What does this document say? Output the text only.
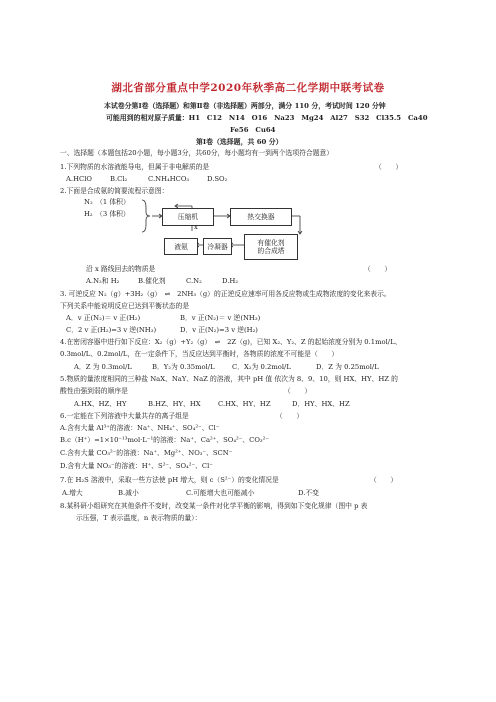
湖北省部分重点中学2020年秋季高二化学期中联考试卷
本试卷分第Ⅰ卷（选择题）和第Ⅱ卷（非选择题）两部分，满分 110 分，考试时间 120 分钟
可能用到的相对原子质量：H1　C12　N14　O16　Na23　Mg24　Al27　S32　Cl35.5　Ca40
Fe56　Cu64
第Ⅰ卷（选择题，共 60 分）
一、选择题（本题包括20小题，每小题3分，共60分，每小题均有一到两个选项符合题意）
1.下列物质的水溶液能导电，但属于非电解质的是	（　　）
A.HClO	B.Cl₂	C.NH₄HCO₃	D.SO₂
2.下面是合成氨的简要流程示意图：
N₂　（1 体积）
H₂　（3 体积）	压缩机	热交换器
液氨	冷凝器	有催化剂
的合成塔
x
沿 x 路线回去的物质是	（　　）
A.N₂和 H₂	B.催化剂	C.N₂	D.H₂
3. 可逆反应 N₂（g）+3H₂（g）　⇌　2NH₃（g）的正逆反应速率可用各反应物或生成物浓度的变化来表示。
下列关系中能说明反应已达到平衡状态的是
A．v 正(N₂)＝ v 正(H₂)	B．v 正(N₂)＝ v 逆(NH₃)
C．2 v 正(H₂)=3 v 逆(NH₃)	D．v 正(N₂)=3 v 逆(H₂)
4.在密闭容器中进行如下反应：X₂（g）+Y₂（g）　⇌　2Z（g)，已知 X₂、Y₂、Z 的起始浓度分别为 0.1mol/L、
0.3mol/L、0.2mol/L，在一定条件下，当反应达到平衡时，各物质的浓度不可能是（　　）
A．Z 为 0.3mol/L	B．Y₂为 0.35mol/L	C．X₂为 0.2mol/L	D．Z 为 0.25mol/L
5.物质的量浓度相同的三种盐 NaX、NaY、NaZ 的溶液，其中 pH 值 依次为 8、9、10，则 HX、HY、HZ 的
酸性由强到弱的顺序是	（　　）
A.HX、HZ、HY	B.HZ、HY、HX	C.HX、HY、HZ	D．HY、HX、HZ
6.一定能在下列溶液中大量共存的离子组是	（　　）
A.含有大量 Al³⁺的溶液：Na⁺、NH₄⁺、SO₄²⁻、Cl⁻
B.c（H⁺）=1×10⁻¹³mol·L⁻¹的溶液：Na⁺、Ca²⁺、SO₄²⁻、CO₃²⁻
C.含有大量 CO₃²⁻的溶液：Na⁺、Mg²⁺、NO₃⁻、SCN⁻
D.含有大量 NO₃⁻的溶液：H⁺、S²⁻、SO₄²⁻、Cl⁻
7.在 H₂S 溶液中，采取一些方法使 pH 增大，则 c（S²⁻）的变化情况是	（　　）
A.增大	B.减小	C.可能增大也可能减小	D.不变
8.某科研小组研究在其他条件不变时，改变某一条件对化学平衡的影响，得到如下变化规律（图中 p 表
示压强，T 表示温度，n 表示物质的量）：
